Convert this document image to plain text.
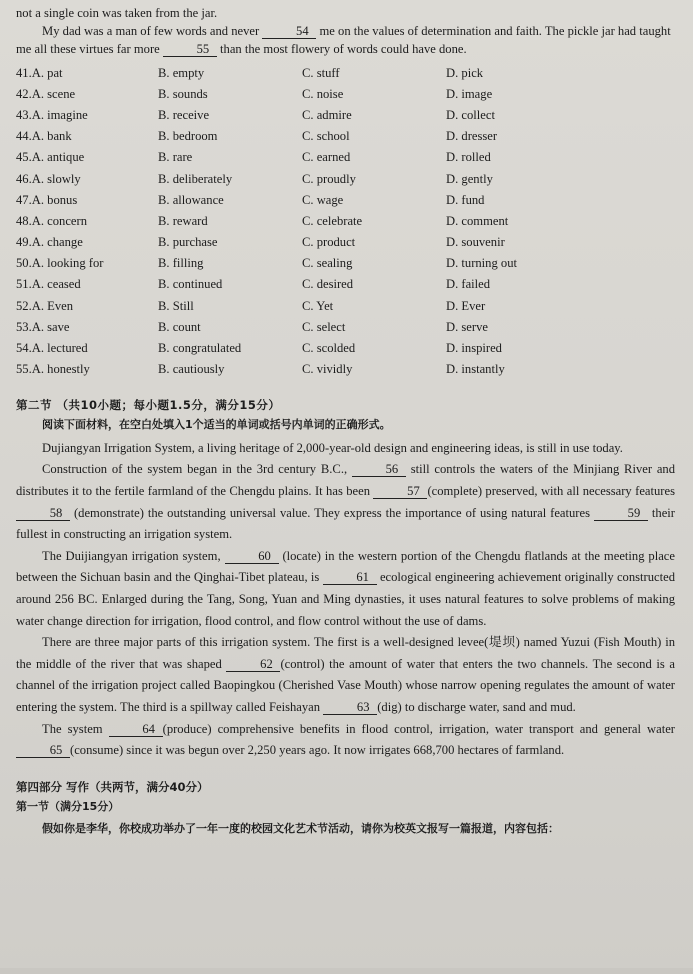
not a single coin was taken from the jar.

My dad was a man of few words and never	54 me on the values of determination and faith. The pickle jar had taught me all these virtues far more	55 than the most flowery of words could have done.

41.A. pat	B. empty	C. stuff	D. pick
42.A. scene	B. sounds	C. noise	D. image
43.A. imagine	B. receive	C. admire	D. collect
44.A. bank	B. bedroom	C. school	D. dresser
45.A. antique	B. rare	C. earned	D. rolled
46.A. slowly	B. deliberately	C. proudly	D. gently
47.A. bonus	B. allowance	C. wage	D. fund
48.A. concern	B. reward	C. celebrate	D. comment
49.A. change	B. purchase	C. product	D. souvenir
50.A. looking for	B. filling	C. sealing	D. turning out
51.A. ceased	B. continued	C. desired	D. failed
52.A. Even	B. Still	C. Yet	D. Ever
53.A. save	B. count	C. select	D. serve
54.A. lectured	B. congratulated	C. scolded	D. inspired
55.A. honestly	B. cautiously	C. vividly	D. instantly
第二节 （共10小题；每小题1.5分，满分15分）
阅读下面材料，在空白处填入1个适当的单词或括号内单词的正确形式。

Dujiangyan Irrigation System, a living heritage of 2,000-year-old design and engineering ideas, is still in use today.

Construction of the system began in the 3rd century B.C.,	56 still controls the waters of the Minjiang River and distributes it to the fertile farmland of the Chengdu plains. It has been	57 (complete) preserved, with all necessary features 58 (demonstrate) the outstanding universal value. They express the importance of using natural features	59 their fullest in constructing an irrigation system.

The Duijiangyan irrigation system,	60 (locate) in the western portion of the Chengdu flatlands at the meeting place between the Sichuan basin and the Qinghai-Tibet plateau, is	61 ecological engineering achievement originally constructed around 256 BC. Enlarged during the Tang, Song, Yuan and Ming dynasties, it uses natural features to solve problems of making water change direction for irrigation, flood control, and flow control without the use of dams.

There are three major parts of this irrigation system. The first is a well-designed levee(堤坝) named Yuzui (Fish Mouth) in the middle of the river that was shaped	62 (control) the amount of water that enters the two channels. The second is a channel of the irrigation project called Baopingkou (Cherished Vase Mouth) whose narrow opening regulates the amount of water entering the system. The third is a spillway called Feishayan	63 (dig) to discharge water, sand and mud.

The system	64 (produce) comprehensive benefits in flood control, irrigation, water transport and general water 65 (consume) since it was begun over 2,250 years ago. It now irrigates 668,700 hectares of farmland.

第四部分 写作（共两节，满分40分）
第一节（满分15分）
假如你是李华，你校成功举办了一年一度的校园文化艺术节活动，请你为校英文报写一篇报道，内容包括：
